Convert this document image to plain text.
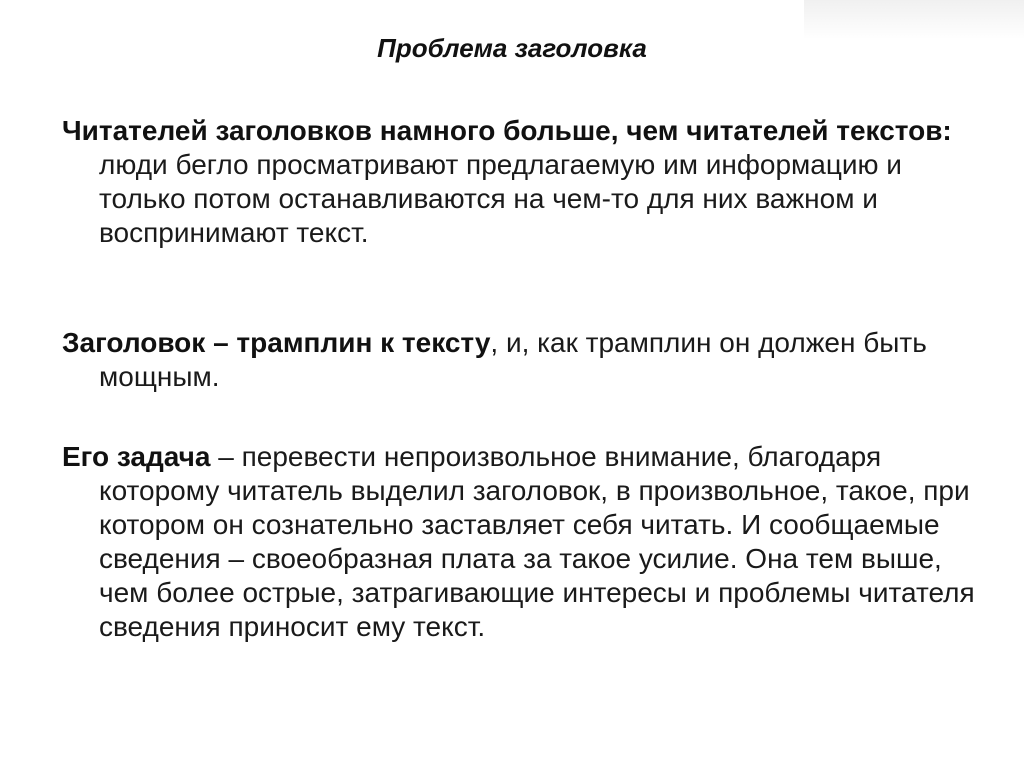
Проблема заголовка
Читателей заголовков намного больше, чем читателей текстов: люди бегло просматривают предлагаемую им информацию и только потом останавливаются на чем-то для них важном и воспринимают текст.
Заголовок – трамплин к тексту, и, как трамплин он должен быть мощным.
Его задача – перевести непроизвольное внимание, благодаря которому читатель выделил заголовок, в произвольное, такое, при котором он сознательно заставляет себя читать. И сообщаемые сведения – своеобразная плата за такое усилие. Она тем выше, чем более острые, затрагивающие интересы и проблемы читателя сведения приносит ему текст.
